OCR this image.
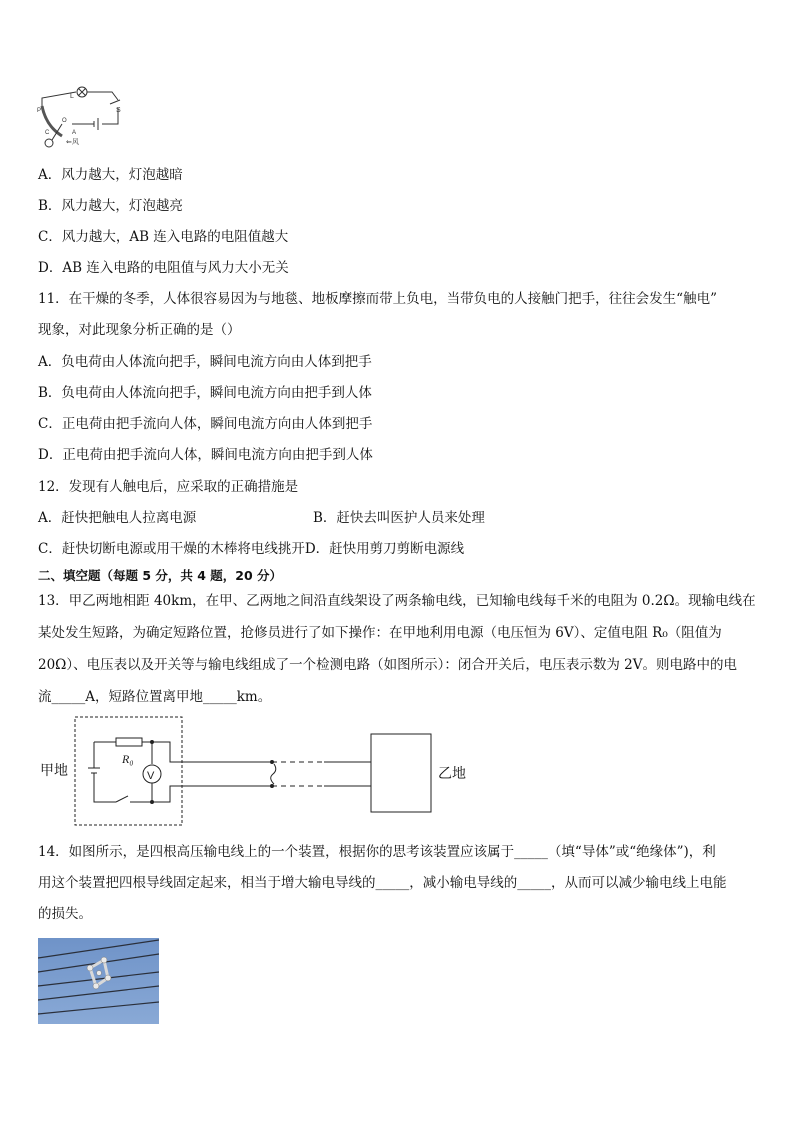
L
S
P
O
C	A
⇐风
A．风力越大，灯泡越暗
B．风力越大，灯泡越亮
C．风力越大，AB 连入电路的电阻值越大
D．AB 连入电路的电阻值与风力大小无关
11．在干燥的冬季，人体很容易因为与地毯、地板摩擦而带上负电，当带负电的人接触门把手，往往会发生“触电”
现象，对此现象分析正确的是（）
A．负电荷由人体流向把手，瞬间电流方向由人体到把手
B．负电荷由人体流向把手，瞬间电流方向由把手到人体
C．正电荷由把手流向人体，瞬间电流方向由人体到把手
D．正电荷由把手流向人体，瞬间电流方向由把手到人体
12．发现有人触电后，应采取的正确措施是
A．赶快把触电人拉离电源	B．赶快去叫医护人员来处理
C．赶快切断电源或用干燥的木棒将电线挑开D．赶快用剪刀剪断电源线
二、填空题（每题 5 分，共 4 题，20 分）
13．甲乙两地相距 40km，在甲、乙两地之间沿直线架设了两条输电线，已知输电线每千米的电阻为 0.2Ω。现输电线在
某处发生短路，为确定短路位置，抢修员进行了如下操作：在甲地利用电源（电压恒为 6V）、定值电阻 R₀（阻值为
20Ω）、电压表以及开关等与输电线组成了一个检测电路（如图所示）：闭合开关后，电压表示数为 2V。则电路中的电
流_____A，短路位置离甲地_____km。
甲地	乙地
R₀
V
14．如图所示，是四根高压输电线上的一个装置，根据你的思考该装置应该属于_____（填“导体”或“绝缘体”)，利
用这个装置把四根导线固定起来，相当于增大输电导线的_____，减小输电导线的_____，从而可以减少输电线上电能
的损失。
